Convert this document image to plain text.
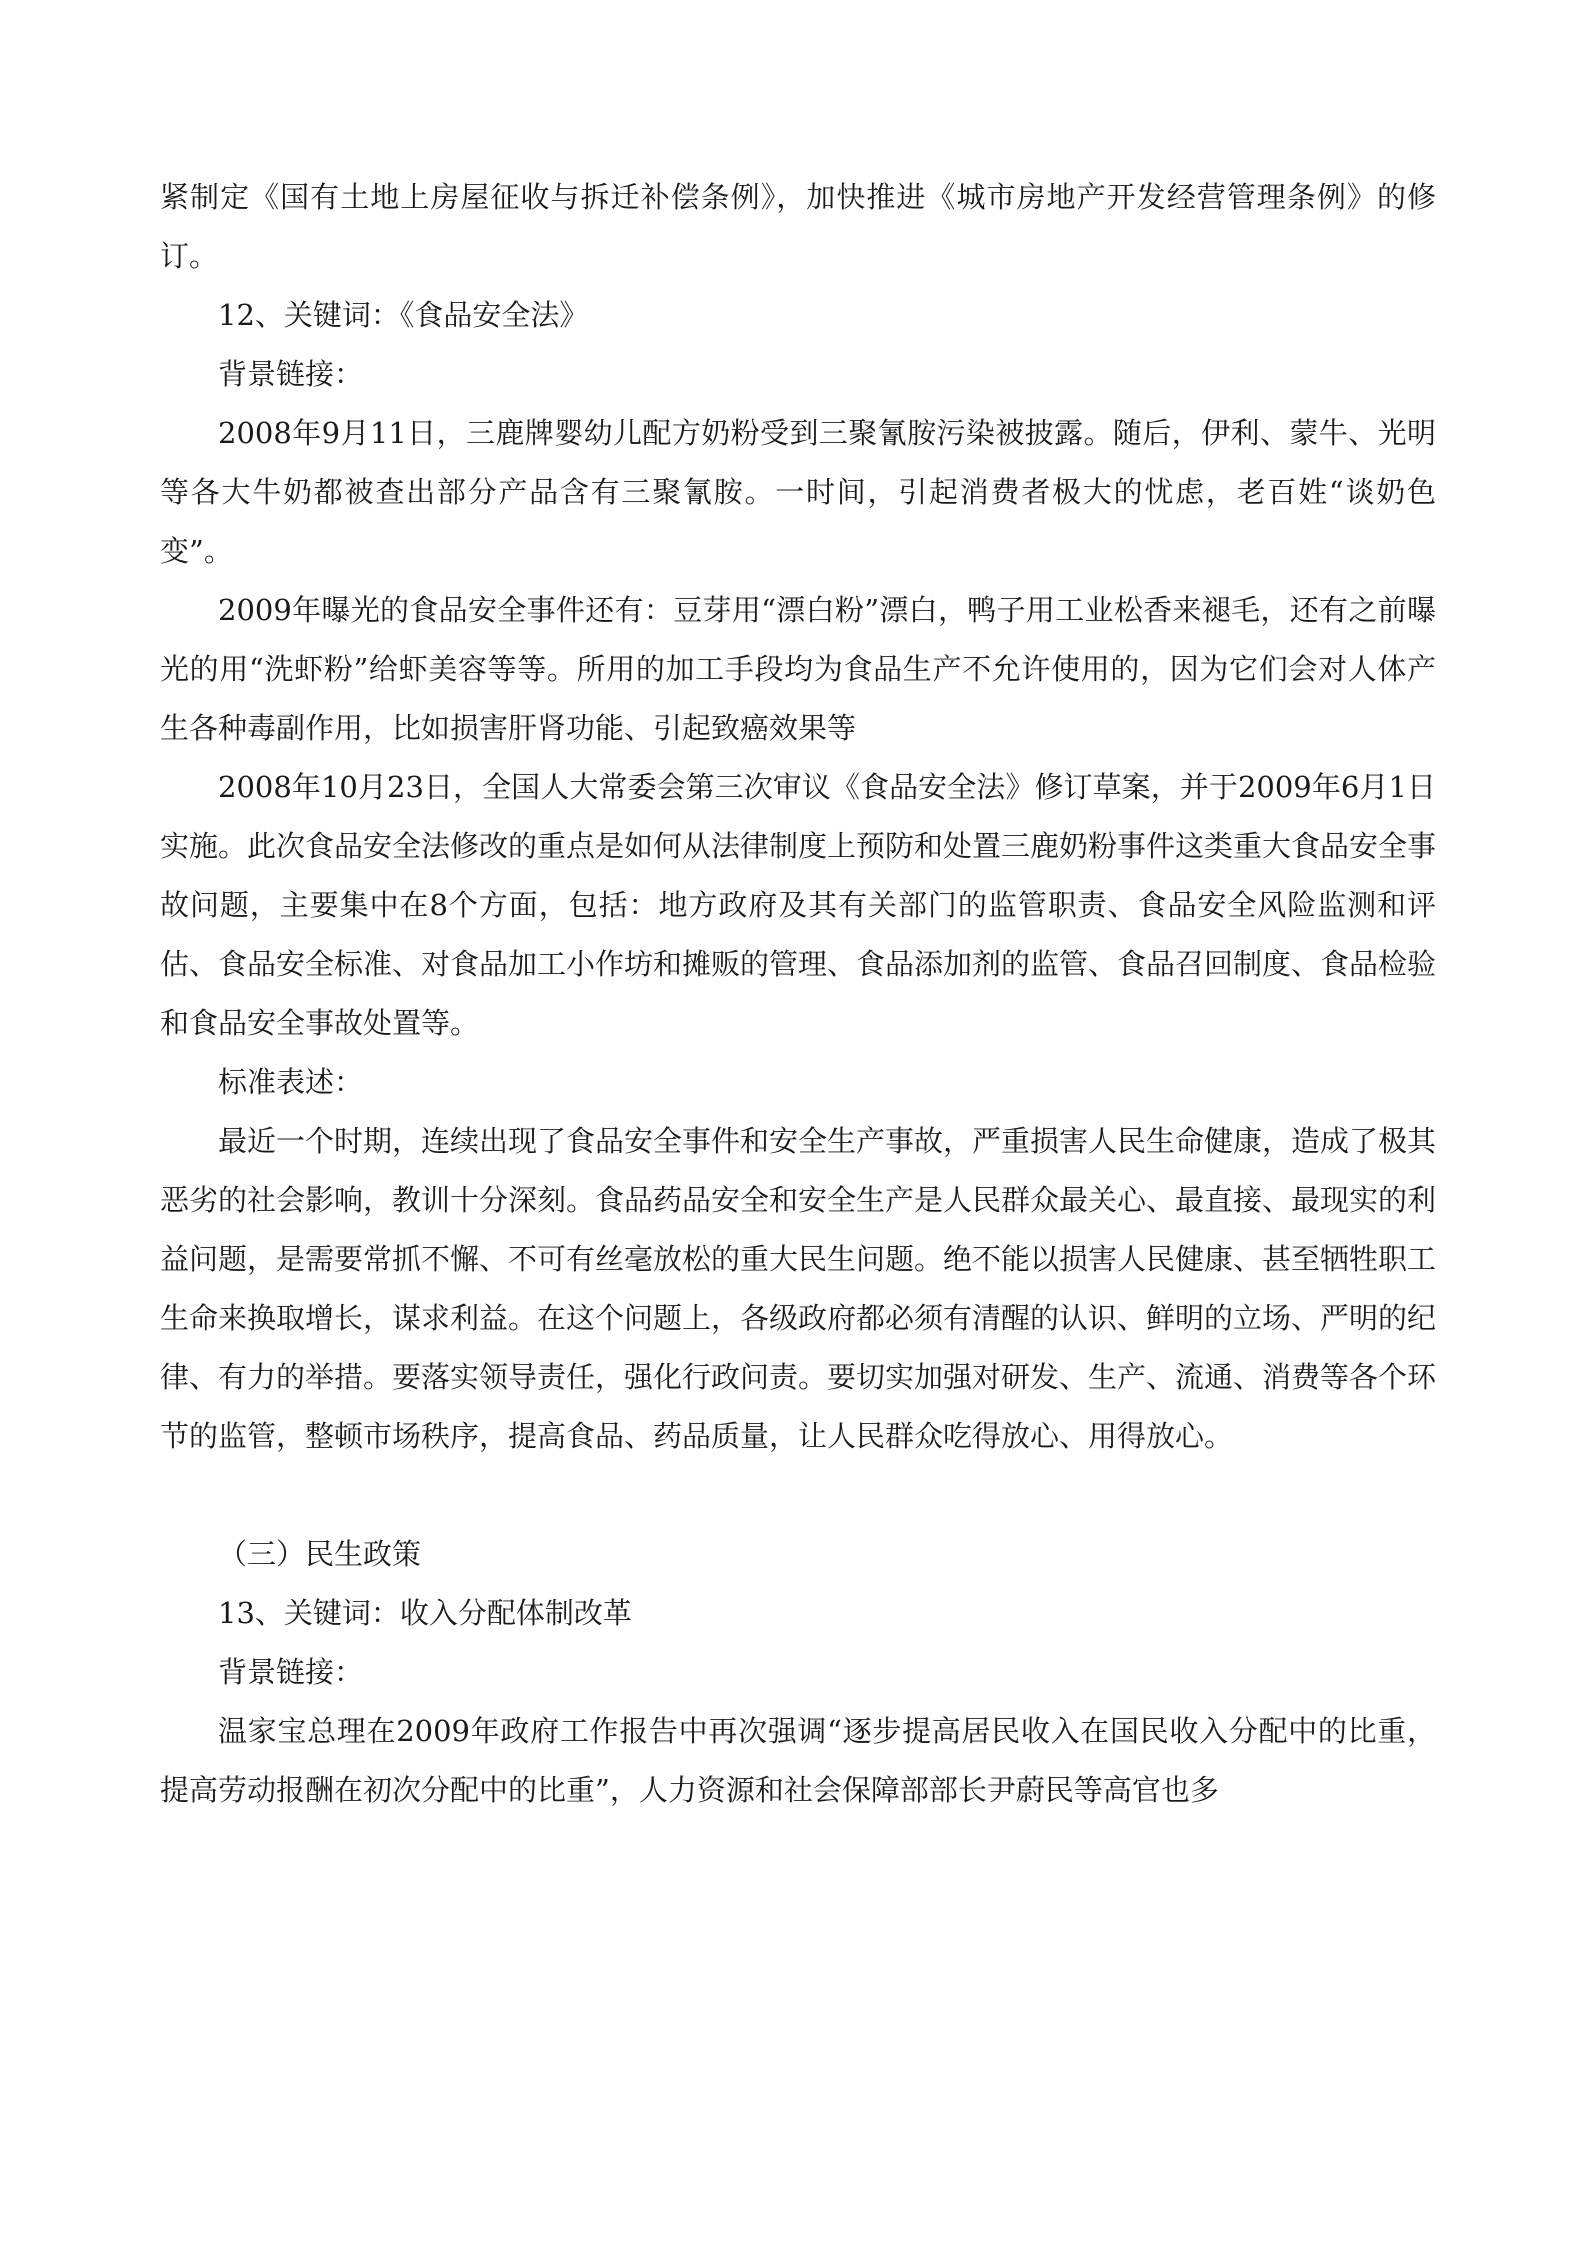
紧制定《国有土地上房屋征收与拆迁补偿条例》，加快推进《城市房地产开发经营管理条例》的修订。

12、关键词：《食品安全法》

背景链接：

2008年9月11日，三鹿牌婴幼儿配方奶粉受到三聚氰胺污染被披露。随后，伊利、蒙牛、光明等各大牛奶都被查出部分产品含有三聚氰胺。一时间，引起消费者极大的忧虑，老百姓“谈奶色变”。

2009年曝光的食品安全事件还有：豆芽用“漂白粉”漂白，鸭子用工业松香来褪毛，还有之前曝光的用“洗虾粉”给虾美容等等。所用的加工手段均为食品生产不允许使用的，因为它们会对人体产生各种毒副作用，比如损害肝肾功能、引起致癌效果等

2008年10月23日，全国人大常委会第三次审议《食品安全法》修订草案，并于2009年6月1日实施。此次食品安全法修改的重点是如何从法律制度上预防和处置三鹿奶粉事件这类重大食品安全事故问题，主要集中在8个方面，包括：地方政府及其有关部门的监管职责、食品安全风险监测和评估、食品安全标准、对食品加工小作坊和摊贩的管理、食品添加剂的监管、食品召回制度、食品检验和食品安全事故处置等。

标准表述：

最近一个时期，连续出现了食品安全事件和安全生产事故，严重损害人民生命健康，造成了极其恶劣的社会影响，教训十分深刻。食品药品安全和安全生产是人民群众最关心、最直接、最现实的利益问题，是需要常抓不懈、不可有丝毫放松的重大民生问题。绝不能以损害人民健康、甚至牺牲职工生命来换取增长，谋求利益。在这个问题上，各级政府都必须有清醒的认识、鲜明的立场、严明的纪律、有力的举措。要落实领导责任，强化行政问责。要切实加强对研发、生产、流通、消费等各个环节的监管，整顿市场秩序，提高食品、药品质量，让人民群众吃得放心、用得放心。

（三）民生政策

13、关键词：收入分配体制改革

背景链接：

温家宝总理在2009年政府工作报告中再次强调“逐步提高居民收入在国民收入分配中的比重，提高劳动报酬在初次分配中的比重”，人力资源和社会保障部部长尹蔚民等高官也多
